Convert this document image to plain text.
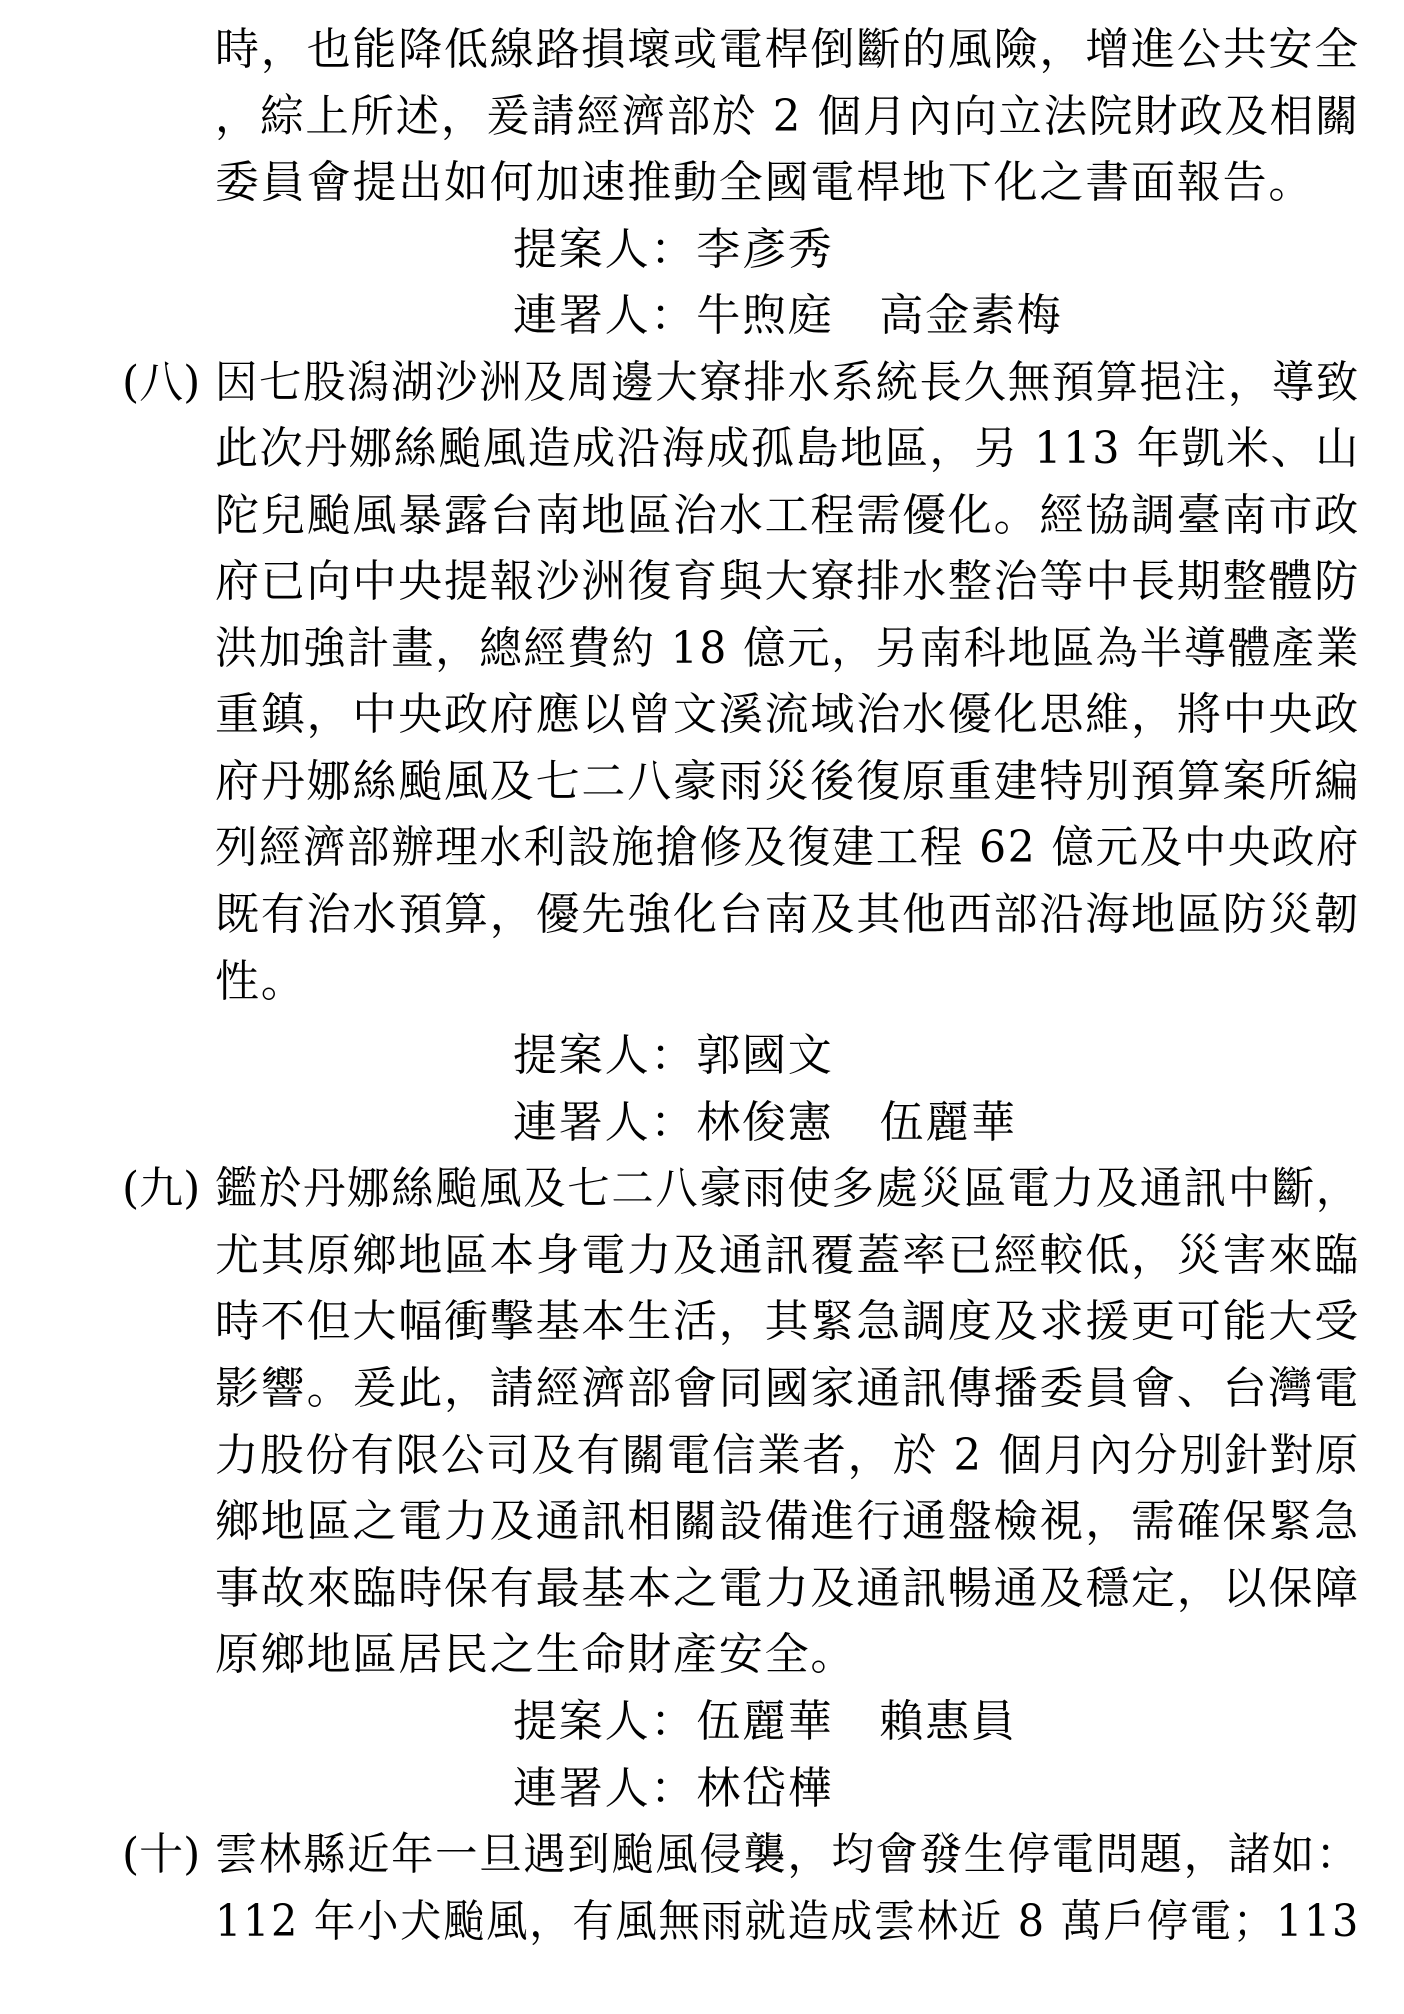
時，也能降低線路損壞或電桿倒斷的風險，增進公共安全
，綜上所述，爰請經濟部於 2 個月內向立法院財政及相關
委員會提出如何加速推動全國電桿地下化之書面報告。
提案人：李彥秀
連署人：牛煦庭　高金素梅
(八) 因七股潟湖沙洲及周邊大寮排水系統長久無預算挹注，導致
此次丹娜絲颱風造成沿海成孤島地區，另 113 年凱米、山
陀兒颱風暴露台南地區治水工程需優化。經協調臺南市政
府已向中央提報沙洲復育與大寮排水整治等中長期整體防
洪加強計畫，總經費約 18 億元，另南科地區為半導體產業
重鎮，中央政府應以曾文溪流域治水優化思維，將中央政
府丹娜絲颱風及七二八豪雨災後復原重建特別預算案所編
列經濟部辦理水利設施搶修及復建工程 62 億元及中央政府
既有治水預算，優先強化台南及其他西部沿海地區防災韌
性。
提案人：郭國文
連署人：林俊憲　伍麗華
(九) 鑑於丹娜絲颱風及七二八豪雨使多處災區電力及通訊中斷，
尤其原鄉地區本身電力及通訊覆蓋率已經較低，災害來臨
時不但大幅衝擊基本生活，其緊急調度及求援更可能大受
影響。爰此，請經濟部會同國家通訊傳播委員會、台灣電
力股份有限公司及有關電信業者，於 2 個月內分別針對原
鄉地區之電力及通訊相關設備進行通盤檢視，需確保緊急
事故來臨時保有最基本之電力及通訊暢通及穩定，以保障
原鄉地區居民之生命財產安全。
提案人：伍麗華　賴惠員
連署人：林岱樺
(十) 雲林縣近年一旦遇到颱風侵襲，均會發生停電問題，諸如：
112 年小犬颱風，有風無雨就造成雲林近 8 萬戶停電；113
